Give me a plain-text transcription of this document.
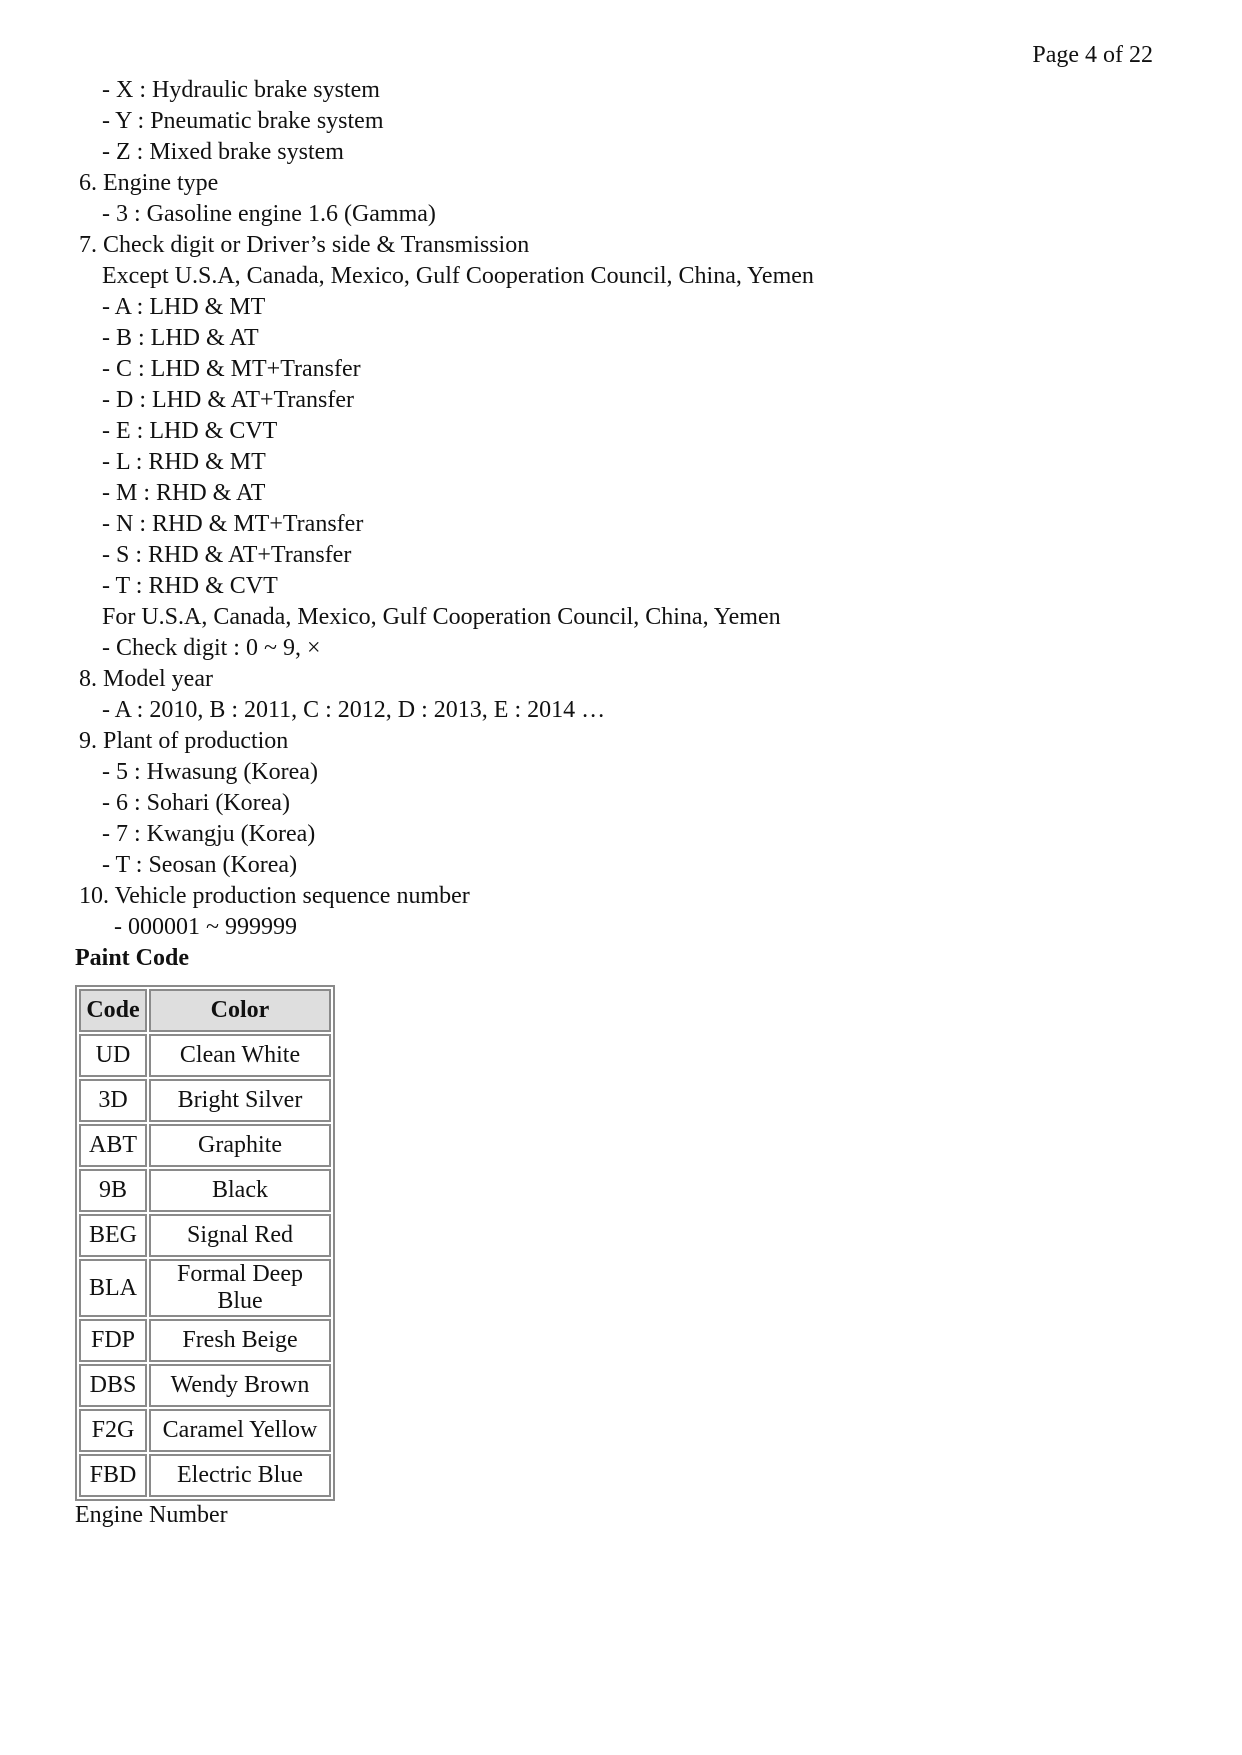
Page 4 of 22
- X : Hydraulic brake system
- Y : Pneumatic brake system
- Z : Mixed brake system
6. Engine type
- 3 : Gasoline engine 1.6 (Gamma)
7. Check digit or Driver’s side & Transmission
Except U.S.A, Canada, Mexico, Gulf Cooperation Council, China, Yemen
- A : LHD & MT
- B : LHD & AT
- C : LHD & MT+Transfer
- D : LHD & AT+Transfer
- E : LHD & CVT
- L : RHD & MT
- M : RHD & AT
- N : RHD & MT+Transfer
- S : RHD & AT+Transfer
- T : RHD & CVT
For U.S.A, Canada, Mexico, Gulf Cooperation Council, China, Yemen
- Check digit : 0 ~ 9, ×
8. Model year
- A : 2010, B : 2011, C : 2012, D : 2013, E : 2014 …
9. Plant of production
- 5 : Hwasung (Korea)
- 6 : Sohari (Korea)
- 7 : Kwangju (Korea)
- T : Seosan (Korea)
10. Vehicle production sequence number
- 000001 ~ 999999
Paint Code
Code	Color
UD	Clean White
3D	Bright Silver
ABT	Graphite
9B	Black
BEG	Signal Red
BLA	Formal Deep Blue
FDP	Fresh Beige
DBS	Wendy Brown
F2G	Caramel Yellow
FBD	Electric Blue
Engine Number
